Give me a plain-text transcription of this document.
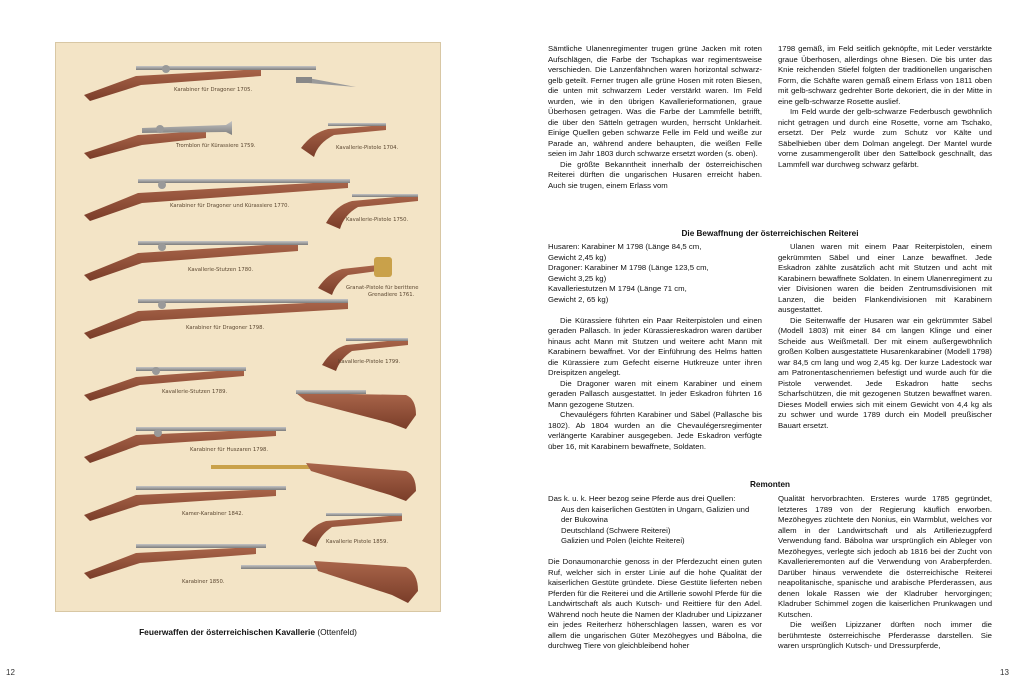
Karabiner für Dragoner 1705.
Tromblon für Kürassiere 1759.	Kavallerie-Pistole 1704.
Karabiner für Dragoner und Kürassiere 1770.
Kavallerie-Pistole 1750.
Kavallerie-Stutzen 1780.
Granat-Pistole für berittene
Grenadiere 1761.
Karabiner für Dragoner 1798.
Kavallerie-Pistole 1799.
Kavallerie-Stutzen 1789.
Karabiner für Huszaren 1798.
Kamer-Karabiner 1842.
Kavallerie Pistole 1859.
Karabiner 1850.
Feuerwaffen der österreichischen Kavallerie (Ottenfeld)
12	13

Sämtliche Ulanenregimenter trugen grüne Jacken mit roten Aufschlägen, die Farbe der Tschapkas war regimentsweise verschieden. Die Lanzenfähnchen waren horizontal schwarz-gelb geteilt. Ferner trugen alle grüne Hosen mit roten Biesen, die unten mit schwarzem Leder verstärkt waren. Im Feld wurden, wie in den übrigen Kavallerieformationen, graue Überhosen getragen. Was die Farbe der Lammfelle betrifft, die über den Sätteln getragen wurden, herrscht Unklarheit. Einige Quellen geben schwarze Felle im Feld und weiße zur Parade an, während andere behaupten, die weißen Felle seien im Jahr 1803 durch schwarze ersetzt worden (s. oben).

Die größte Bekanntheit innerhalb der österreichischen Reiterei dürften die ungarischen Husaren erreicht haben. Auch sie trugen, einem Erlass vom

1798 gemäß, im Feld seitlich geknöpfte, mit Leder verstärkte graue Überhosen, allerdings ohne Biesen. Die bis unter das Knie reichenden Stiefel folgten der traditionellen ungarischen Form, die Schäfte waren gemäß einem Erlass von 1811 oben mit gelb-schwarz gedrehter Borte dekoriert, die in der Mitte in eine gelb-schwarze Rosette auslief.

Im Feld wurde der gelb-schwarze Federbusch gewöhnlich nicht getragen und durch eine Rosette, vorne am Tschako, ersetzt. Der Pelz wurde zum Schutz vor Kälte und Säbelhieben über dem Dolman angelegt. Der Mantel wurde vorne zusammengerollt über den Sattelbock geschnallt, das Lammfell war durchweg schwarz gefärbt.

Die Bewaffnung der österreichischen Reiterei

Husaren: Karabiner M 1798 (Länge 84,5 cm,

Gewicht 2,45 kg)

Dragoner: Karabiner M 1798 (Länge 123,5 cm,

Gewicht 3,25 kg)

Kavalleriestutzen M 1794 (Länge 71 cm,

Gewicht 2, 65 kg)

Die Kürassiere führten ein Paar Reiterpistolen und einen geraden Pallasch. In jeder Kürassiereskadron waren darüber hinaus acht Mann mit Stutzen und weitere acht Mann mit Karabinern bewaffnet. Vor der Einführung des Helms hatten die Kürassiere zum Gefecht eiserne Hutkreuze unter ihren Dreispitzen angelegt.

Die Dragoner waren mit einem Karabiner und einem geraden Pallasch ausgestattet. In jeder Eskadron führten 16 Mann gezogene Stutzen.

Chevaulégers führten Karabiner und Säbel (Pallasche bis 1802). Ab 1804 wurden an die Chevaulégersregimenter verlängerte Karabiner ausgegeben. Jede Eskadron verfügte über 16, mit Karabinern bewaffnete, Soldaten.

Ulanen waren mit einem Paar Reiterpistolen, einem gekrümmten Säbel und einer Lanze bewaffnet. Jede Eskadron zählte zusätzlich acht mit Stutzen und acht mit Karabinern bewaffnete Soldaten. In einem Ulanenregiment zu vier Divisionen waren die beiden Zentrumsdivisionen mit Lanzen, die beiden Flankendivisionen mit Karabinern ausgestattet.

Die Seitenwaffe der Husaren war ein gekrümmter Säbel (Modell 1803) mit einer 84 cm langen Klinge und einer Scheide aus Weißmetall. Der mit einem außergewöhnlich großen Kolben ausgestattete Husarenkarabiner (Modell 1798) war 84,5 cm lang und wog 2,45 kg. Der kurze Ladestock war am Patronentaschenriemen befestigt und wurde auch für die Pistole verwendet. Jede Eskadron hatte sechs Scharfschützen, die mit gezogenen Stutzen bewaffnet waren. Dieses Modell erwies sich mit einem Gewicht von 4,4 kg als zu schwer und wurde 1789 durch ein Modell preußischer Bauart ersetzt.

Remonten

Das k. u. k. Heer bezog seine Pferde aus drei Quellen:

Aus den kaiserlichen Gestüten in Ungarn, Galizien und der Bukowina

Deutschland (Schwere Reiterei)

Galizien und Polen (leichte Reiterei)

Die Donaumonarchie genoss in der Pferdezucht einen guten Ruf, welcher sich in erster Linie auf die hohe Qualität der kaiserlichen Gestüte gründete. Diese Gestüte lieferten neben Pferden für die Reiterei und die Artillerie sowohl Pferde für die Landwirtschaft als auch Kutsch- und Reittiere für den Adel. Während noch heute die Namen der Kladruber und Lipizzaner ein jedes Reiterherz höherschlagen lassen, waren es vor allem die ungarischen Güter Mezöhegyes und Bábolna, die durchweg Tiere von gleichbleibend hoher

Qualität hervorbrachten. Ersteres wurde 1785 gegründet, letzteres 1789 von der Regierung käuflich erworben. Mezöhegyes züchtete den Nonius, ein Warmblut, welches vor allem in der Landwirtschaft und als Artilleriezugpferd Verwendung fand. Bábolna war ursprünglich ein Ableger von Mezöhegyes, verlegte sich jedoch ab 1816 bei der Zucht von Kavallerieremonten auf die Verwendung von Araberpferden. Darüber hinaus verwendete die österreichische Reiterei neapolitanische, spanische und arabische Pferderassen, aus denen lokale Rassen wie der Kladruber hervorgingen; Kladruber Schimmel zogen die kaiserlichen Prunkwagen und Kutschen.

Die weißen Lipizzaner dürften noch immer die berühmteste österreichische Pferderasse darstellen. Sie waren ursprünglich Kutsch- und Dressurpferde,
